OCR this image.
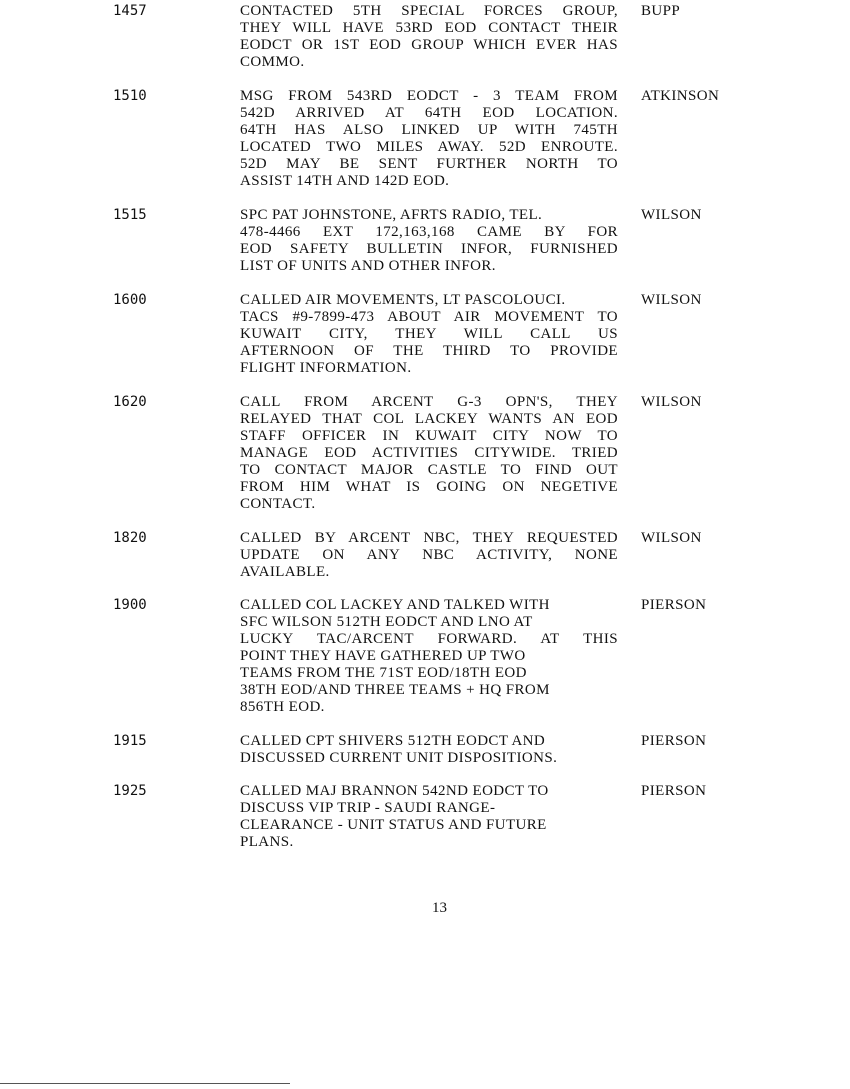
1457	CONTACTED 5TH SPECIAL FORCES GROUP,
THEY WILL HAVE 53RD EOD CONTACT THEIR
EODCT OR 1ST EOD GROUP WHICH EVER HAS
COMMO.
BUPP
1510	MSG FROM 543RD EODCT - 3 TEAM FROM
542D ARRIVED AT 64TH EOD LOCATION.
64TH HAS ALSO LINKED UP WITH 745TH
LOCATED TWO MILES AWAY. 52D ENROUTE.
52D MAY BE SENT FURTHER NORTH TO
ASSIST 14TH AND 142D EOD.
ATKINSON
1515	SPC PAT JOHNSTONE, AFRTS RADIO, TEL.
478-4466 EXT 172,163,168 CAME BY FOR
EOD SAFETY BULLETIN INFOR, FURNISHED
LIST OF UNITS AND OTHER INFOR.
WILSON
1600	CALLED AIR MOVEMENTS, LT PASCOLOUCI.
TACS #9-7899-473 ABOUT AIR MOVEMENT TO
KUWAIT CITY, THEY WILL CALL US
AFTERNOON OF THE THIRD TO PROVIDE
FLIGHT INFORMATION.
WILSON
1620	CALL FROM ARCENT G-3 OPN'S, THEY
RELAYED THAT COL LACKEY WANTS AN EOD
STAFF OFFICER IN KUWAIT CITY NOW TO
MANAGE EOD ACTIVITIES CITYWIDE. TRIED
TO CONTACT MAJOR CASTLE TO FIND OUT
FROM HIM WHAT IS GOING ON NEGETIVE
CONTACT.
WILSON
1820	CALLED BY ARCENT NBC, THEY REQUESTED
UPDATE ON ANY NBC ACTIVITY, NONE
AVAILABLE.
WILSON
1900	CALLED COL LACKEY AND TALKED WITH
SFC WILSON 512TH EODCT AND LNO AT
LUCKY TAC/ARCENT FORWARD. AT THIS
POINT THEY HAVE GATHERED UP TWO
TEAMS FROM THE 71ST EOD/18TH EOD
38TH EOD/AND THREE TEAMS + HQ FROM
856TH EOD.
PIERSON
1915	CALLED CPT SHIVERS 512TH EODCT AND
DISCUSSED CURRENT UNIT DISPOSITIONS.
PIERSON
1925	CALLED MAJ BRANNON 542ND EODCT TO
DISCUSS VIP TRIP - SAUDI RANGE-
CLEARANCE - UNIT STATUS AND FUTURE
PLANS.
PIERSON
13
